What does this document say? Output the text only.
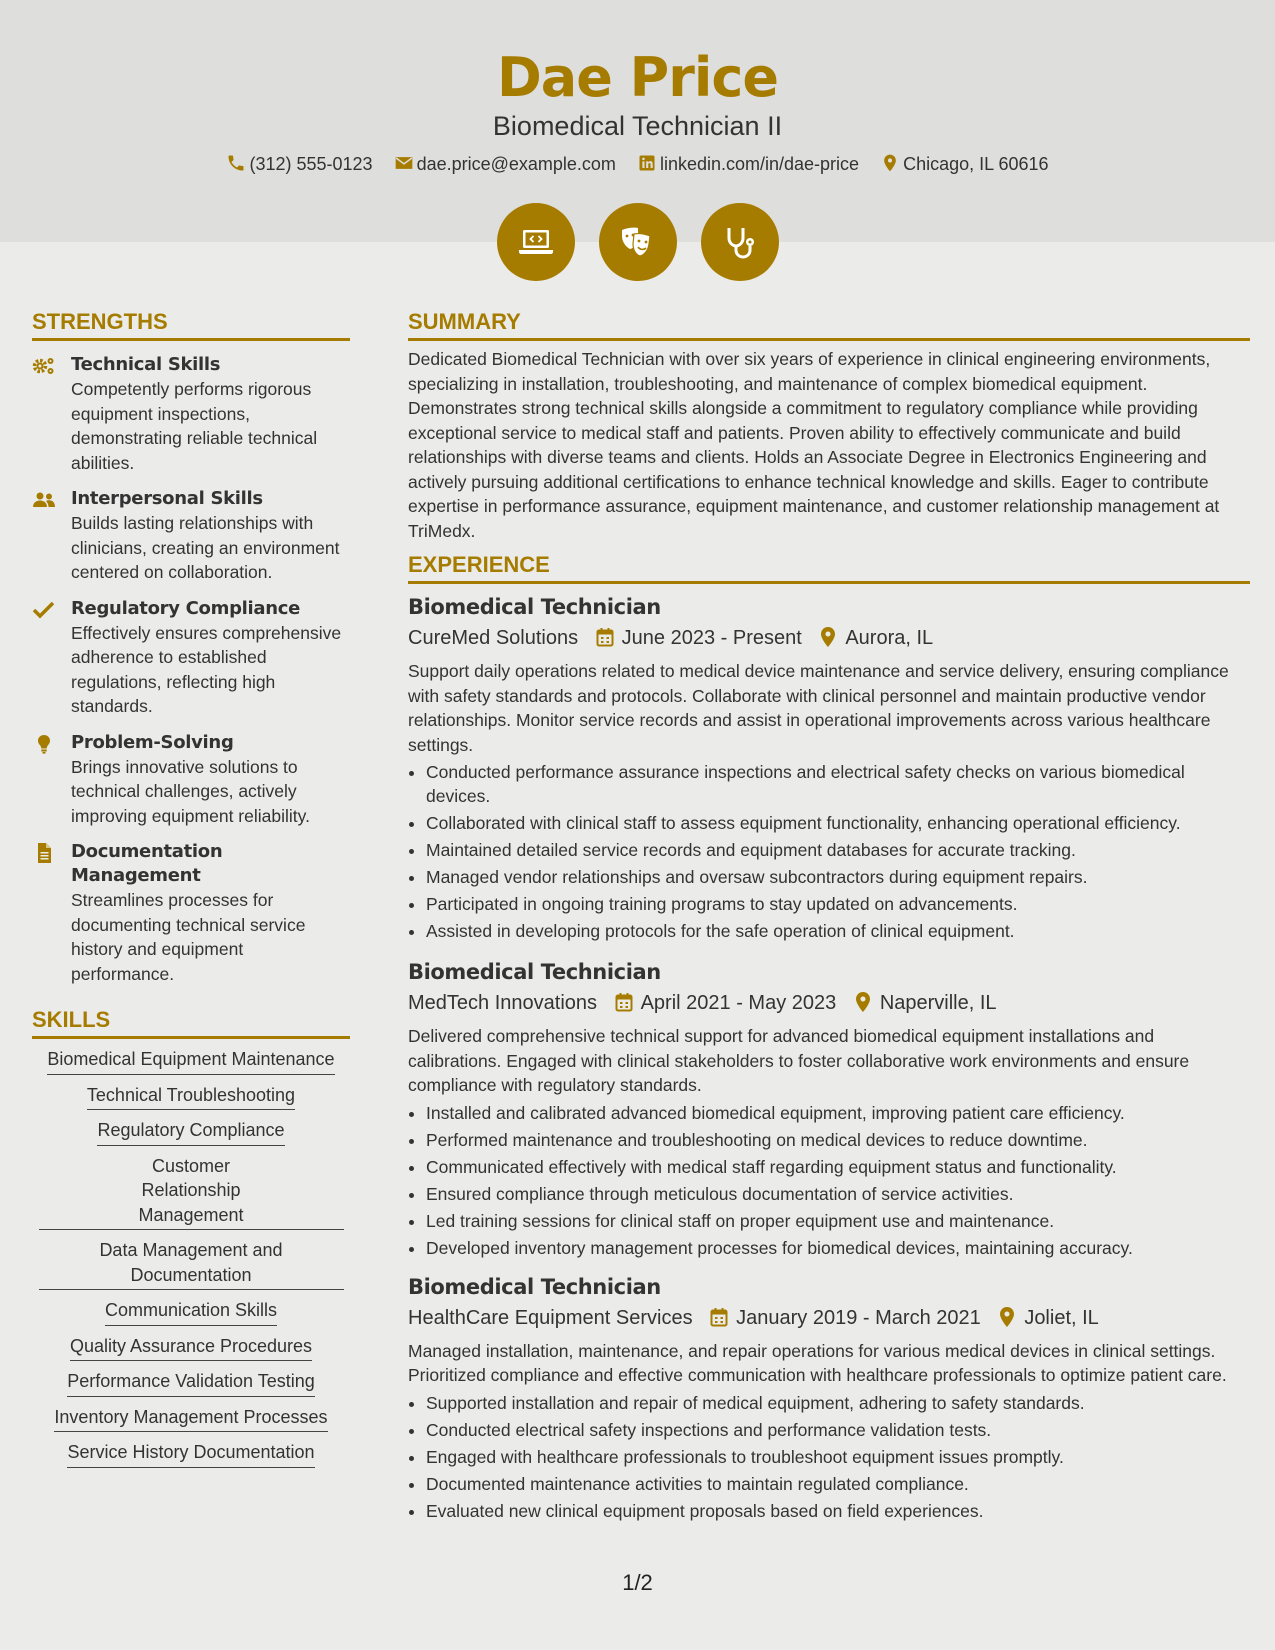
Dae Price
Biomedical Technician II
(312) 555-0123 dae.price@example.com linkedin.com/in/dae-price Chicago, IL 60616

STRENGTHS
Technical Skills
Competently performs rigorous equipment inspections, demonstrating reliable technical abilities.
Interpersonal Skills
Builds lasting relationships with clinicians, creating an environment centered on collaboration.
Regulatory Compliance
Effectively ensures comprehensive adherence to established regulations, reflecting high standards.
Problem-Solving
Brings innovative solutions to technical challenges, actively improving equipment reliability.
Documentation Management
Streamlines processes for documenting technical service history and equipment performance.
SKILLS
Biomedical Equipment Maintenance
Technical Troubleshooting
Regulatory Compliance
Customer Relationship Management
Data Management and Documentation
Communication Skills
Quality Assurance Procedures
Performance Validation Testing
Inventory Management Processes
Service History Documentation
SUMMARY
Dedicated Biomedical Technician with over six years of experience in clinical engineering environments, specializing in installation, troubleshooting, and maintenance of complex biomedical equipment. Demonstrates strong technical skills alongside a commitment to regulatory compliance while providing exceptional service to medical staff and patients. Proven ability to effectively communicate and build relationships with diverse teams and clients. Holds an Associate Degree in Electronics Engineering and actively pursuing additional certifications to enhance technical knowledge and skills. Eager to contribute expertise in performance assurance, equipment maintenance, and customer relationship management at TriMedx.
EXPERIENCE
Biomedical Technician
CureMed Solutions June 2023 - Present Aurora, IL
Support daily operations related to medical device maintenance and service delivery, ensuring compliance with safety standards and protocols. Collaborate with clinical personnel and maintain productive vendor relationships. Monitor service records and assist in operational improvements across various healthcare settings.
• Conducted performance assurance inspections and electrical safety checks on various biomedical devices.
• Collaborated with clinical staff to assess equipment functionality, enhancing operational efficiency.
• Maintained detailed service records and equipment databases for accurate tracking.
• Managed vendor relationships and oversaw subcontractors during equipment repairs.
• Participated in ongoing training programs to stay updated on advancements.
• Assisted in developing protocols for the safe operation of clinical equipment.
Biomedical Technician
MedTech Innovations April 2021 - May 2023 Naperville, IL
Delivered comprehensive technical support for advanced biomedical equipment installations and calibrations. Engaged with clinical stakeholders to foster collaborative work environments and ensure compliance with regulatory standards.
• Installed and calibrated advanced biomedical equipment, improving patient care efficiency.
• Performed maintenance and troubleshooting on medical devices to reduce downtime.
• Communicated effectively with medical staff regarding equipment status and functionality.
• Ensured compliance through meticulous documentation of service activities.
• Led training sessions for clinical staff on proper equipment use and maintenance.
• Developed inventory management processes for biomedical devices, maintaining accuracy.
Biomedical Technician
HealthCare Equipment Services January 2019 - March 2021 Joliet, IL
Managed installation, maintenance, and repair operations for various medical devices in clinical settings. Prioritized compliance and effective communication with healthcare professionals to optimize patient care.
• Supported installation and repair of medical equipment, adhering to safety standards.
• Conducted electrical safety inspections and performance validation tests.
• Engaged with healthcare professionals to troubleshoot equipment issues promptly.
• Documented maintenance activities to maintain regulated compliance.
• Evaluated new clinical equipment proposals based on field experiences.
1/2
